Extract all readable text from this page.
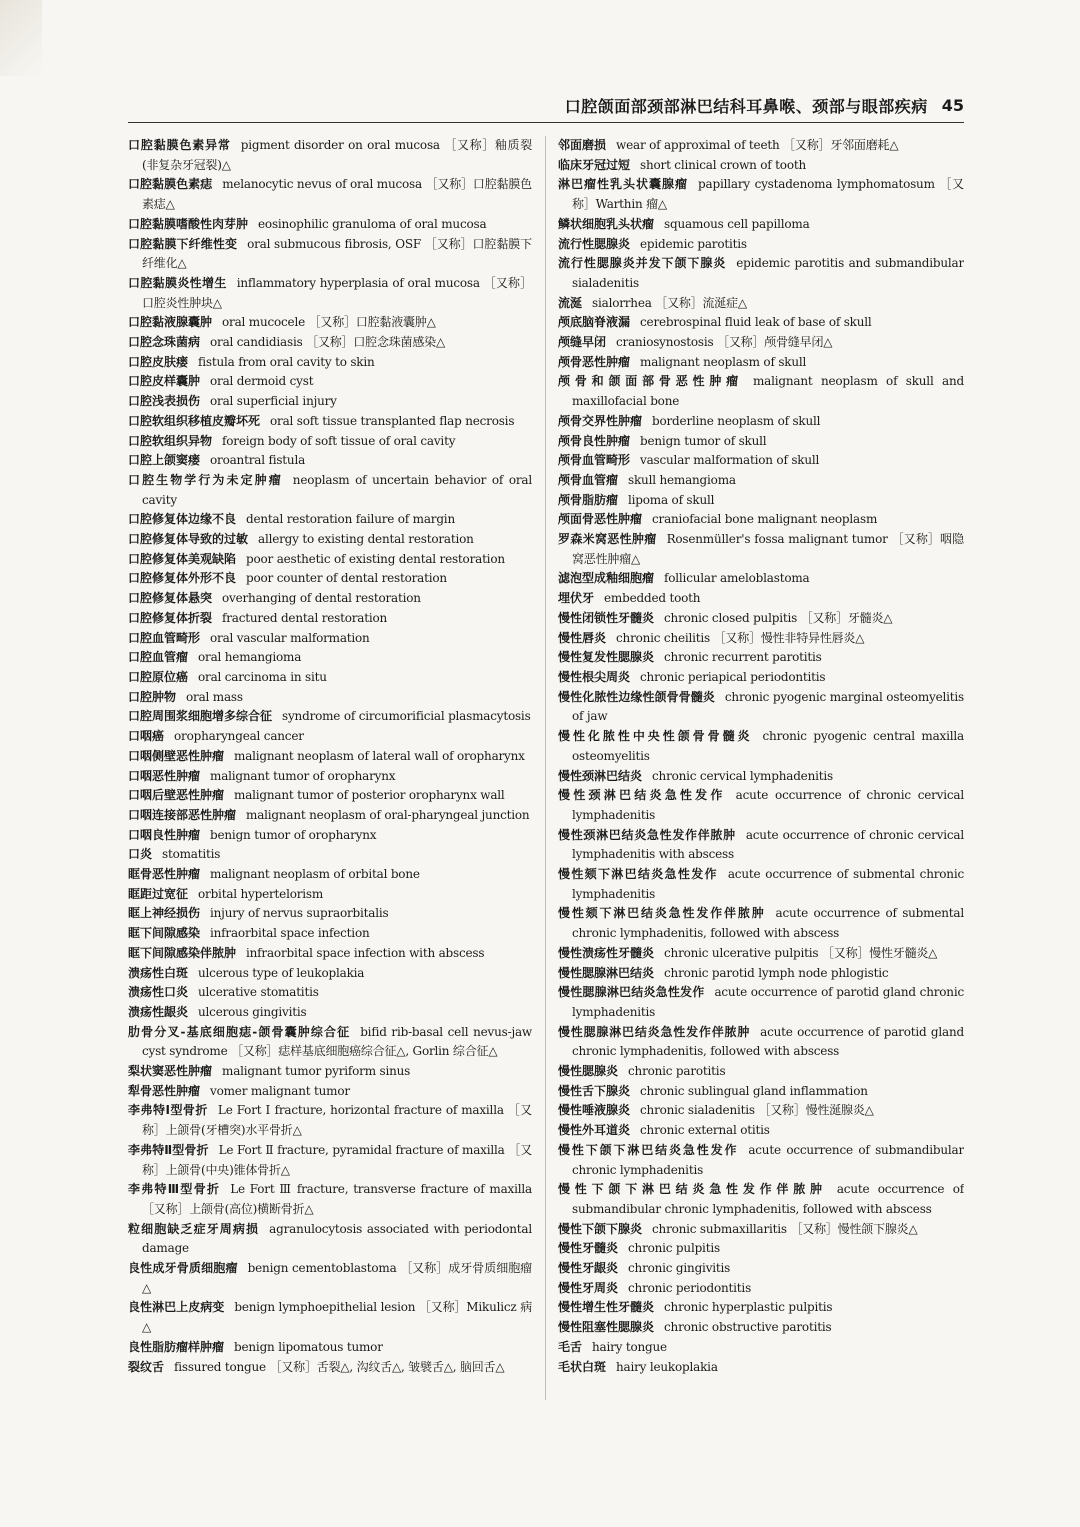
口腔颌面部颈部淋巴结科耳鼻喉、颈部与眼部疾病 45
口腔黏膜色素异常 pigment disorder on oral mucosa ［又称］釉质裂(非复杂牙冠裂)△
口腔黏膜色素痣 melanocytic nevus of oral mucosa ［又称］口腔黏膜色素痣△
口腔黏膜嗜酸性肉芽肿 eosinophilic granuloma of oral mucosa
口腔黏膜下纤维性变 oral submucous fibrosis, OSF ［又称］口腔黏膜下纤维化△
口腔黏膜炎性增生 inflammatory hyperplasia of oral mucosa ［又称］口腔炎性肿块△
口腔黏液腺囊肿 oral mucocele ［又称］口腔黏液囊肿△
口腔念珠菌病 oral candidiasis ［又称］口腔念珠菌感染△
口腔皮肤瘘 fistula from oral cavity to skin
口腔皮样囊肿 oral dermoid cyst
口腔浅表损伤 oral superficial injury
口腔软组织移植皮瓣坏死 oral soft tissue transplanted flap necrosis
口腔软组织异物 foreign body of soft tissue of oral cavity
口腔上颌窦瘘 oroantral fistula
口腔生物学行为未定肿瘤 neoplasm of uncertain behavior of oral cavity
口腔修复体边缘不良 dental restoration failure of margin
口腔修复体导致的过敏 allergy to existing dental restoration
口腔修复体美观缺陷 poor aesthetic of existing dental restoration
口腔修复体外形不良 poor counter of dental restoration
口腔修复体悬突 overhanging of dental restoration
口腔修复体折裂 fractured dental restoration
口腔血管畸形 oral vascular malformation
口腔血管瘤 oral hemangioma
口腔原位癌 oral carcinoma in situ
口腔肿物 oral mass
口腔周围浆细胞增多综合征 syndrome of circumorificial plasmacytosis
口咽癌 oropharyngeal cancer
口咽侧壁恶性肿瘤 malignant neoplasm of lateral wall of oropharynx
口咽恶性肿瘤 malignant tumor of oropharynx
口咽后壁恶性肿瘤 malignant tumor of posterior oropharynx wall
口咽连接部恶性肿瘤 malignant neoplasm of oral-pharyngeal junction
口咽良性肿瘤 benign tumor of oropharynx
口炎 stomatitis
眶骨恶性肿瘤 malignant neoplasm of orbital bone
眶距过宽征 orbital hypertelorism
眶上神经损伤 injury of nervus supraorbitalis
眶下间隙感染 infraorbital space infection
眶下间隙感染伴脓肿 infraorbital space infection with abscess
溃疡性白斑 ulcerous type of leukoplakia
溃疡性口炎 ulcerative stomatitis
溃疡性龈炎 ulcerous gingivitis
肋骨分叉-基底细胞痣-颌骨囊肿综合征 bifid rib-basal cell nevus-jaw cyst syndrome ［又称］痣样基底细胞癌综合征△, Gorlin 综合征△
梨状窦恶性肿瘤 malignant tumor pyriform sinus
犁骨恶性肿瘤 vomer malignant tumor
李弗特Ⅰ型骨折 Le Fort Ⅰ fracture, horizontal fracture of maxilla ［又称］上颌骨(牙槽突)水平骨折△
李弗特Ⅱ型骨折 Le Fort Ⅱ fracture, pyramidal fracture of maxilla ［又称］上颌骨(中央)锥体骨折△
李弗特Ⅲ型骨折 Le Fort Ⅲ fracture, transverse fracture of maxilla ［又称］上颌骨(高位)横断骨折△
粒细胞缺乏症牙周病损 agranulocytosis associated with periodontal damage
良性成牙骨质细胞瘤 benign cementoblastoma ［又称］成牙骨质细胞瘤△
良性淋巴上皮病变 benign lymphoepithelial lesion ［又称］Mikulicz 病△
良性脂肪瘤样肿瘤 benign lipomatous tumor
裂纹舌 fissured tongue ［又称］舌裂△, 沟纹舌△, 皱襞舌△, 脑回舌△
邻面磨损 wear of approximal of teeth ［又称］牙邻面磨耗△
临床牙冠过短 short clinical crown of tooth
淋巴瘤性乳头状囊腺瘤 papillary cystadenoma lymphomatosum ［又称］Warthin 瘤△
鳞状细胞乳头状瘤 squamous cell papilloma
流行性腮腺炎 epidemic parotitis
流行性腮腺炎并发下颌下腺炎 epidemic parotitis and submandibular sialadenitis
流涎 sialorrhea ［又称］流涎症△
颅底脑脊液漏 cerebrospinal fluid leak of base of skull
颅缝早闭 craniosynostosis ［又称］颅骨缝早闭△
颅骨恶性肿瘤 malignant neoplasm of skull
颅骨和颌面部骨恶性肿瘤 malignant neoplasm of skull and maxillofacial bone
颅骨交界性肿瘤 borderline neoplasm of skull
颅骨良性肿瘤 benign tumor of skull
颅骨血管畸形 vascular malformation of skull
颅骨血管瘤 skull hemangioma
颅骨脂肪瘤 lipoma of skull
颅面骨恶性肿瘤 craniofacial bone malignant neoplasm
罗森米窝恶性肿瘤 Rosenmüller's fossa malignant tumor ［又称］咽隐窝恶性肿瘤△
滤泡型成釉细胞瘤 follicular ameloblastoma
埋伏牙 embedded tooth
慢性闭锁性牙髓炎 chronic closed pulpitis ［又称］牙髓炎△
慢性唇炎 chronic cheilitis ［又称］慢性非特异性唇炎△
慢性复发性腮腺炎 chronic recurrent parotitis
慢性根尖周炎 chronic periapical periodontitis
慢性化脓性边缘性颌骨骨髓炎 chronic pyogenic marginal osteomyelitis of jaw
慢性化脓性中央性颌骨骨髓炎 chronic pyogenic central maxilla osteomyelitis
慢性颈淋巴结炎 chronic cervical lymphadenitis
慢性颈淋巴结炎急性发作 acute occurrence of chronic cervical lymphadenitis
慢性颈淋巴结炎急性发作伴脓肿 acute occurrence of chronic cervical lymphadenitis with abscess
慢性颏下淋巴结炎急性发作 acute occurrence of submental chronic lymphadenitis
慢性颏下淋巴结炎急性发作伴脓肿 acute occurrence of submental chronic lymphadenitis, followed with abscess
慢性溃疡性牙髓炎 chronic ulcerative pulpitis ［又称］慢性牙髓炎△
慢性腮腺淋巴结炎 chronic parotid lymph node phlogistic
慢性腮腺淋巴结炎急性发作 acute occurrence of parotid gland chronic lymphadenitis
慢性腮腺淋巴结炎急性发作伴脓肿 acute occurrence of parotid gland chronic lymphadenitis, followed with abscess
慢性腮腺炎 chronic parotitis
慢性舌下腺炎 chronic sublingual gland inflammation
慢性唾液腺炎 chronic sialadenitis ［又称］慢性涎腺炎△
慢性外耳道炎 chronic external otitis
慢性下颌下淋巴结炎急性发作 acute occurrence of submandibular chronic lymphadenitis
慢性下颌下淋巴结炎急性发作伴脓肿 acute occurrence of submandibular chronic lymphadenitis, followed with abscess
慢性下颌下腺炎 chronic submaxillaritis ［又称］慢性颌下腺炎△
慢性牙髓炎 chronic pulpitis
慢性牙龈炎 chronic gingivitis
慢性牙周炎 chronic periodontitis
慢性增生性牙髓炎 chronic hyperplastic pulpitis
慢性阻塞性腮腺炎 chronic obstructive parotitis
毛舌 hairy tongue
毛状白斑 hairy leukoplakia
